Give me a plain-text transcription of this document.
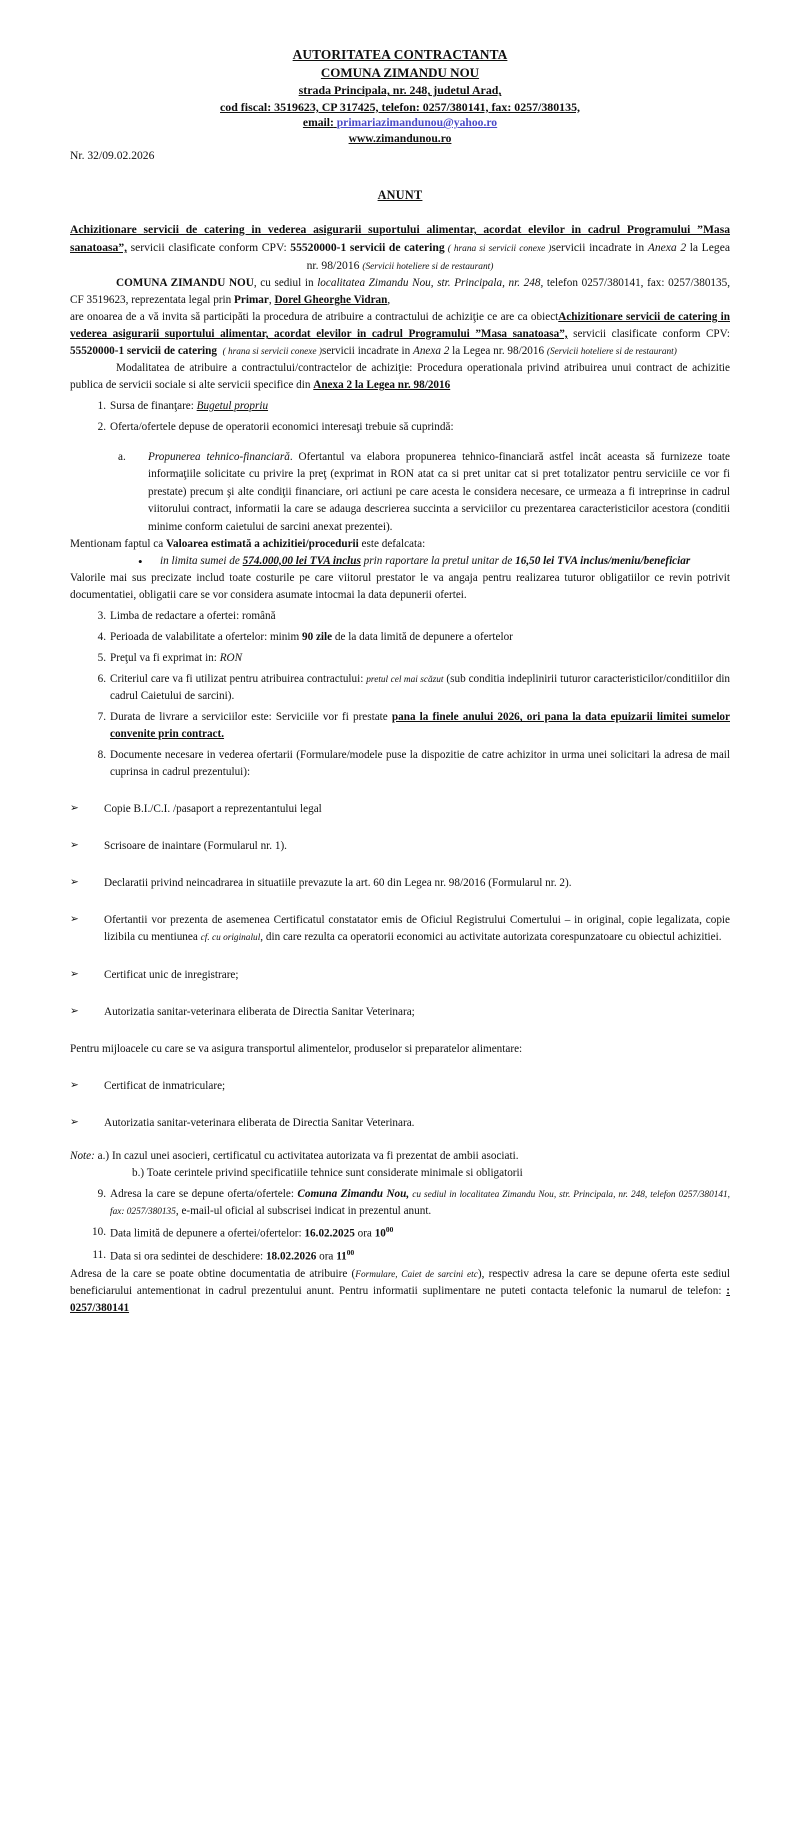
AUTORITATEA CONTRACTANTA
COMUNA ZIMANDU NOU
strada Principala, nr. 248, judetul Arad,
cod fiscal: 3519623, CP 317425, telefon: 0257/380141, fax: 0257/380135,
email: primariazimandunou@yahoo.ro
www.zimandunou.ro

Nr. 32/09.02.2026

ANUNT
Achizitionare servicii de catering in vederea asigurarii suportului alimentar, acordat elevilor in cadrul Programului ”Masa sanatoasa”, servicii clasificate conform CPV: 55520000-1 servicii de catering ( hrana si servicii conexe )servicii incadrate in Anexa 2 la Legea nr. 98/2016 (Servicii hoteliere si de restaurant)

COMUNA ZIMANDU NOU, cu sediul in localitatea Zimandu Nou, str. Principala, nr. 248, telefon 0257/380141, fax: 0257/380135, CF 3519623, reprezentata legal prin Primar, Dorel Gheorghe Vidran,

are onoarea de a vă invita să participăti la procedura de atribuire a contractului de achiziţie ce are ca obiectAchizitionare servicii de catering in vederea asigurarii suportului alimentar, acordat elevilor in cadrul Programului ”Masa sanatoasa”, servicii clasificate conform CPV: 55520000-1 servicii de catering ( hrana si servicii conexe )servicii incadrate in Anexa 2 la Legea nr. 98/2016 (Servicii hoteliere si de restaurant)

Modalitatea de atribuire a contractului/contractelor de achiziţie: Procedura operationala privind atribuirea unui contract de achizitie publica de servicii sociale si alte servicii specifice din Anexa 2 la Legea nr. 98/2016

1. Sursa de finanţare: Bugetul propriu
2. Oferta/ofertele depuse de operatorii economici interesaţi trebuie să cuprindă:
a. Propunerea tehnico-financiară. Ofertantul va elabora propunerea tehnico-financiară astfel incât aceasta să furnizeze toate informaţiile solicitate cu privire la preţ (exprimat in RON atat ca si pret unitar cat si pret totalizator pentru serviciile ce vor fi prestate) precum şi alte condiţii financiare, ori actiuni pe care acesta le considera necesare, ce urmeaza a fi intreprinse in cadrul viitorului contract, informatii la care se adauga descrierea succinta a serviciilor cu prezentarea caracteristicilor acestora (conditii minime conform caietului de sarcini anexat prezentei).

Mentionam faptul ca Valoarea estimată a achizitiei/procedurii este defalcata:

• in limita sumei de 574.000,00 lei TVA inclus prin raportare la pretul unitar de 16,50 lei TVA inclus/meniu/beneficiar

Valorile mai sus precizate includ toate costurile pe care viitorul prestator le va angaja pentru realizarea tuturor obligatiilor ce revin potrivit documentatiei, obligatii care se vor considera asumate intocmai la data depunerii ofertei.

3. Limba de redactare a ofertei: română
4. Perioada de valabilitate a ofertelor: minim 90 zile de la data limită de depunere a ofertelor
5. Preţul va fi exprimat in: RON
6. Criteriul care va fi utilizat pentru atribuirea contractului: pretul cel mai scăzut (sub conditia indeplinirii tuturor caracteristicilor/conditiilor din cadrul Caietului de sarcini).
7. Durata de livrare a serviciilor este: Serviciile vor fi prestate pana la finele anului 2026, ori pana la data epuizarii limitei sumelor convenite prin contract.
8. Documente necesare in vederea ofertarii (Formulare/modele puse la dispozitie de catre achizitor in urma unei solicitari la adresa de mail cuprinsa in cadrul prezentului):
➢ Copie B.I./C.I. /pasaport a reprezentantului legal
➢ Scrisoare de inaintare (Formularul nr. 1).
➢ Declaratii privind neincadrarea in situatiile prevazute la art. 60 din Legea nr. 98/2016 (Formularul nr. 2).
➢ Ofertantii vor prezenta de asemenea Certificatul constatator emis de Oficiul Registrului Comertului – in original, copie legalizata, copie lizibila cu mentiunea cf. cu originalul, din care rezulta ca operatorii economici au activitate autorizata corespunzatoare cu obiectul achizitiei.
➢ Certificat unic de inregistrare;
➢ Autorizatia sanitar-veterinara eliberata de Directia Sanitar Veterinara;

Pentru mijloacele cu care se va asigura transportul alimentelor, produselor si preparatelor alimentare:

➢ Certificat de inmatriculare;
➢ Autorizatia sanitar-veterinara eliberata de Directia Sanitar Veterinara.
Note: a.) In cazul unei asocieri, certificatul cu activitatea autorizata va fi prezentat de ambii asociati.
b.) Toate cerintele privind specificatiile tehnice sunt considerate minimale si obligatorii
9. Adresa la care se depune oferta/ofertele: Comuna Zimandu Nou, cu sediul in localitatea Zimandu Nou, str. Principala, nr. 248, telefon 0257/380141, fax: 0257/380135, e-mail-ul oficial al subscrisei indicat in prezentul anunt.
10. Data limită de depunere a ofertei/ofertelor: 16.02.2025 ora $10^{00}$
11. Data si ora sedintei de deschidere: 18.02.2026 ora $11^{00}$

Adresa de la care se poate obtine documentatia de atribuire (Formulare, Caiet de sarcini etc), respectiv adresa la care se depune oferta este sediul beneficiarului antementionat in cadrul prezentului anunt. Pentru informatii suplimentare ne puteti contacta telefonic la numarul de telefon: : 0257/380141
